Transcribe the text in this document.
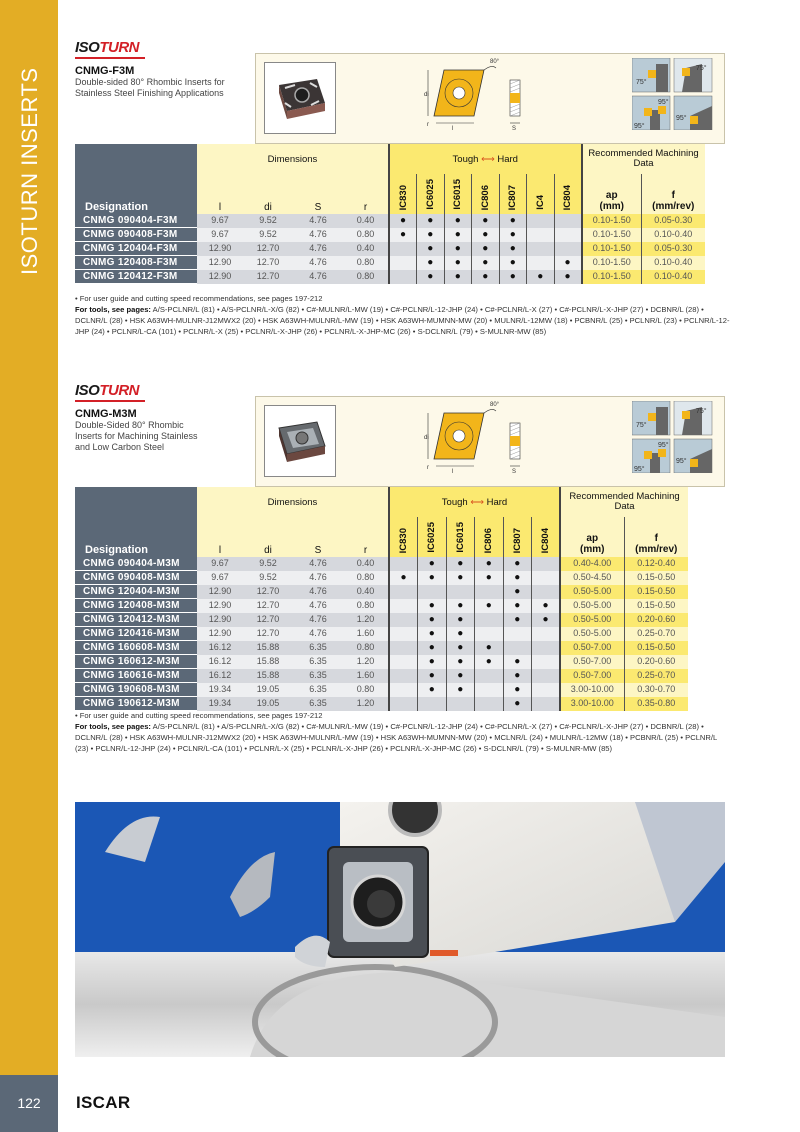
ISOTURN INSERTS
122	ISCAR
ISOTURN
CNMG-F3M
Double-sided 80° Rhombic Inserts for Stainless Steel Finishing Applications	di
l
r
80°
S
75°
75°
95°
95°
95°
Designation	Dimensions				Tough ⟷ Hard							Recommended Machining Data	
	l	di	S	r	IC830	IC6025	IC6015	IC806	IC807	IC4	IC804	ap
(mm)	f
(mm/rev)
CNMG 090404-F3M	9.67	9.52	4.76	0.40	●	●	●	●	●			0.10-1.50	0.05-0.30
CNMG 090408-F3M	9.67	9.52	4.76	0.80	●	●	●	●	●			0.10-1.50	0.10-0.40
CNMG 120404-F3M	12.90	12.70	4.76	0.40		●	●	●	●			0.10-1.50	0.05-0.30
CNMG 120408-F3M	12.90	12.70	4.76	0.80		●	●	●	●		●	0.10-1.50	0.10-0.40
CNMG 120412-F3M	12.90	12.70	4.76	0.80		●	●	●	●	●	●	0.10-1.50	0.10-0.40
• For user guide and cutting speed recommendations, see pages 197-212
For tools, see pages: A/S-PCLNR/L (81) • A/S-PCLNR/L-X/G (82) • C#-MULNR/L-MW (19) • C#-PCLNR/L-12-JHP (24) • C#-PCLNR/L-X (27) • C#-PCLNR/L-X-JHP (27) • DCBNR/L (28) • DCLNR/L (28) • HSK A63WH-MULNR-J12MWX2 (20) • HSK A63WH-MULNR/L-MW (19) • HSK A63WH-MUMNN-MW (20) • MULNR/L-12MW (18) • PCBNR/L (25) • PCLNR/L (23) • PCLNR/L-12-JHP (24) • PCLNR/L-CA (101) • PCLNR/L-X (25) • PCLNR/L-X-JHP (26) • PCLNR/L-X-JHP-MC (26) • S-DCLNR/L (79) • S-MULNR-MW (85)
ISOTURN
CNMG-M3M
Double-Sided 80° Rhombic Inserts for Machining Stainless and Low Carbon Steel
di
l
r
80°
S
75°
75°
95°
95°
95°
Designation	Dimensions				Tough ⟷ Hard						Recommended Machining Data	
	l	di	S	r	IC830	IC6025	IC6015	IC806	IC807	IC804	ap
(mm)	f
(mm/rev)
CNMG 090404-M3M	9.67	9.52	4.76	0.40		●	●	●	●		0.40-4.00	0.12-0.40
CNMG 090408-M3M	9.67	9.52	4.76	0.80	●	●	●	●	●		0.50-4.50	0.15-0.50
CNMG 120404-M3M	12.90	12.70	4.76	0.40					●		0.50-5.00	0.15-0.50
CNMG 120408-M3M	12.90	12.70	4.76	0.80		●	●	●	●	●	0.50-5.00	0.15-0.50
CNMG 120412-M3M	12.90	12.70	4.76	1.20		●	●		●	●	0.50-5.00	0.20-0.60
CNMG 120416-M3M	12.90	12.70	4.76	1.60		●	●				0.50-5.00	0.25-0.70
CNMG 160608-M3M	16.12	15.88	6.35	0.80		●	●	●			0.50-7.00	0.15-0.50
CNMG 160612-M3M	16.12	15.88	6.35	1.20		●	●	●	●		0.50-7.00	0.20-0.60
CNMG 160616-M3M	16.12	15.88	6.35	1.60		●	●		●		0.50-7.00	0.25-0.70
CNMG 190608-M3M	19.34	19.05	6.35	0.80		●	●		●		3.00-10.00	0.30-0.70
CNMG 190612-M3M	19.34	19.05	6.35	1.20					●		3.00-10.00	0.35-0.80
• For user guide and cutting speed recommendations, see pages 197-212
For tools, see pages: A/S-PCLNR/L (81) • A/S-PCLNR/L-X/G (82) • C#-MULNR/L-MW (19) • C#-PCLNR/L-12-JHP (24) • C#-PCLNR/L-X (27) • C#-PCLNR/L-X-JHP (27) • DCBNR/L (28) • DCLNR/L (28) • HSK A63WH-MULNR-J12MWX2 (20) • HSK A63WH-MULNR/L-MW (19) • HSK A63WH-MUMNN-MW (20) • MCLNR/L (24) • MULNR/L-12MW (18) • PCBNR/L (25) • PCLNR/L (23) • PCLNR/L-12-JHP (24) • PCLNR/L-CA (101) • PCLNR/L-X (25) • PCLNR/L-X-JHP (26) • PCLNR/L-X-JHP-MC (26) • S-DCLNR/L (79) • S-MULNR-MW (85)
